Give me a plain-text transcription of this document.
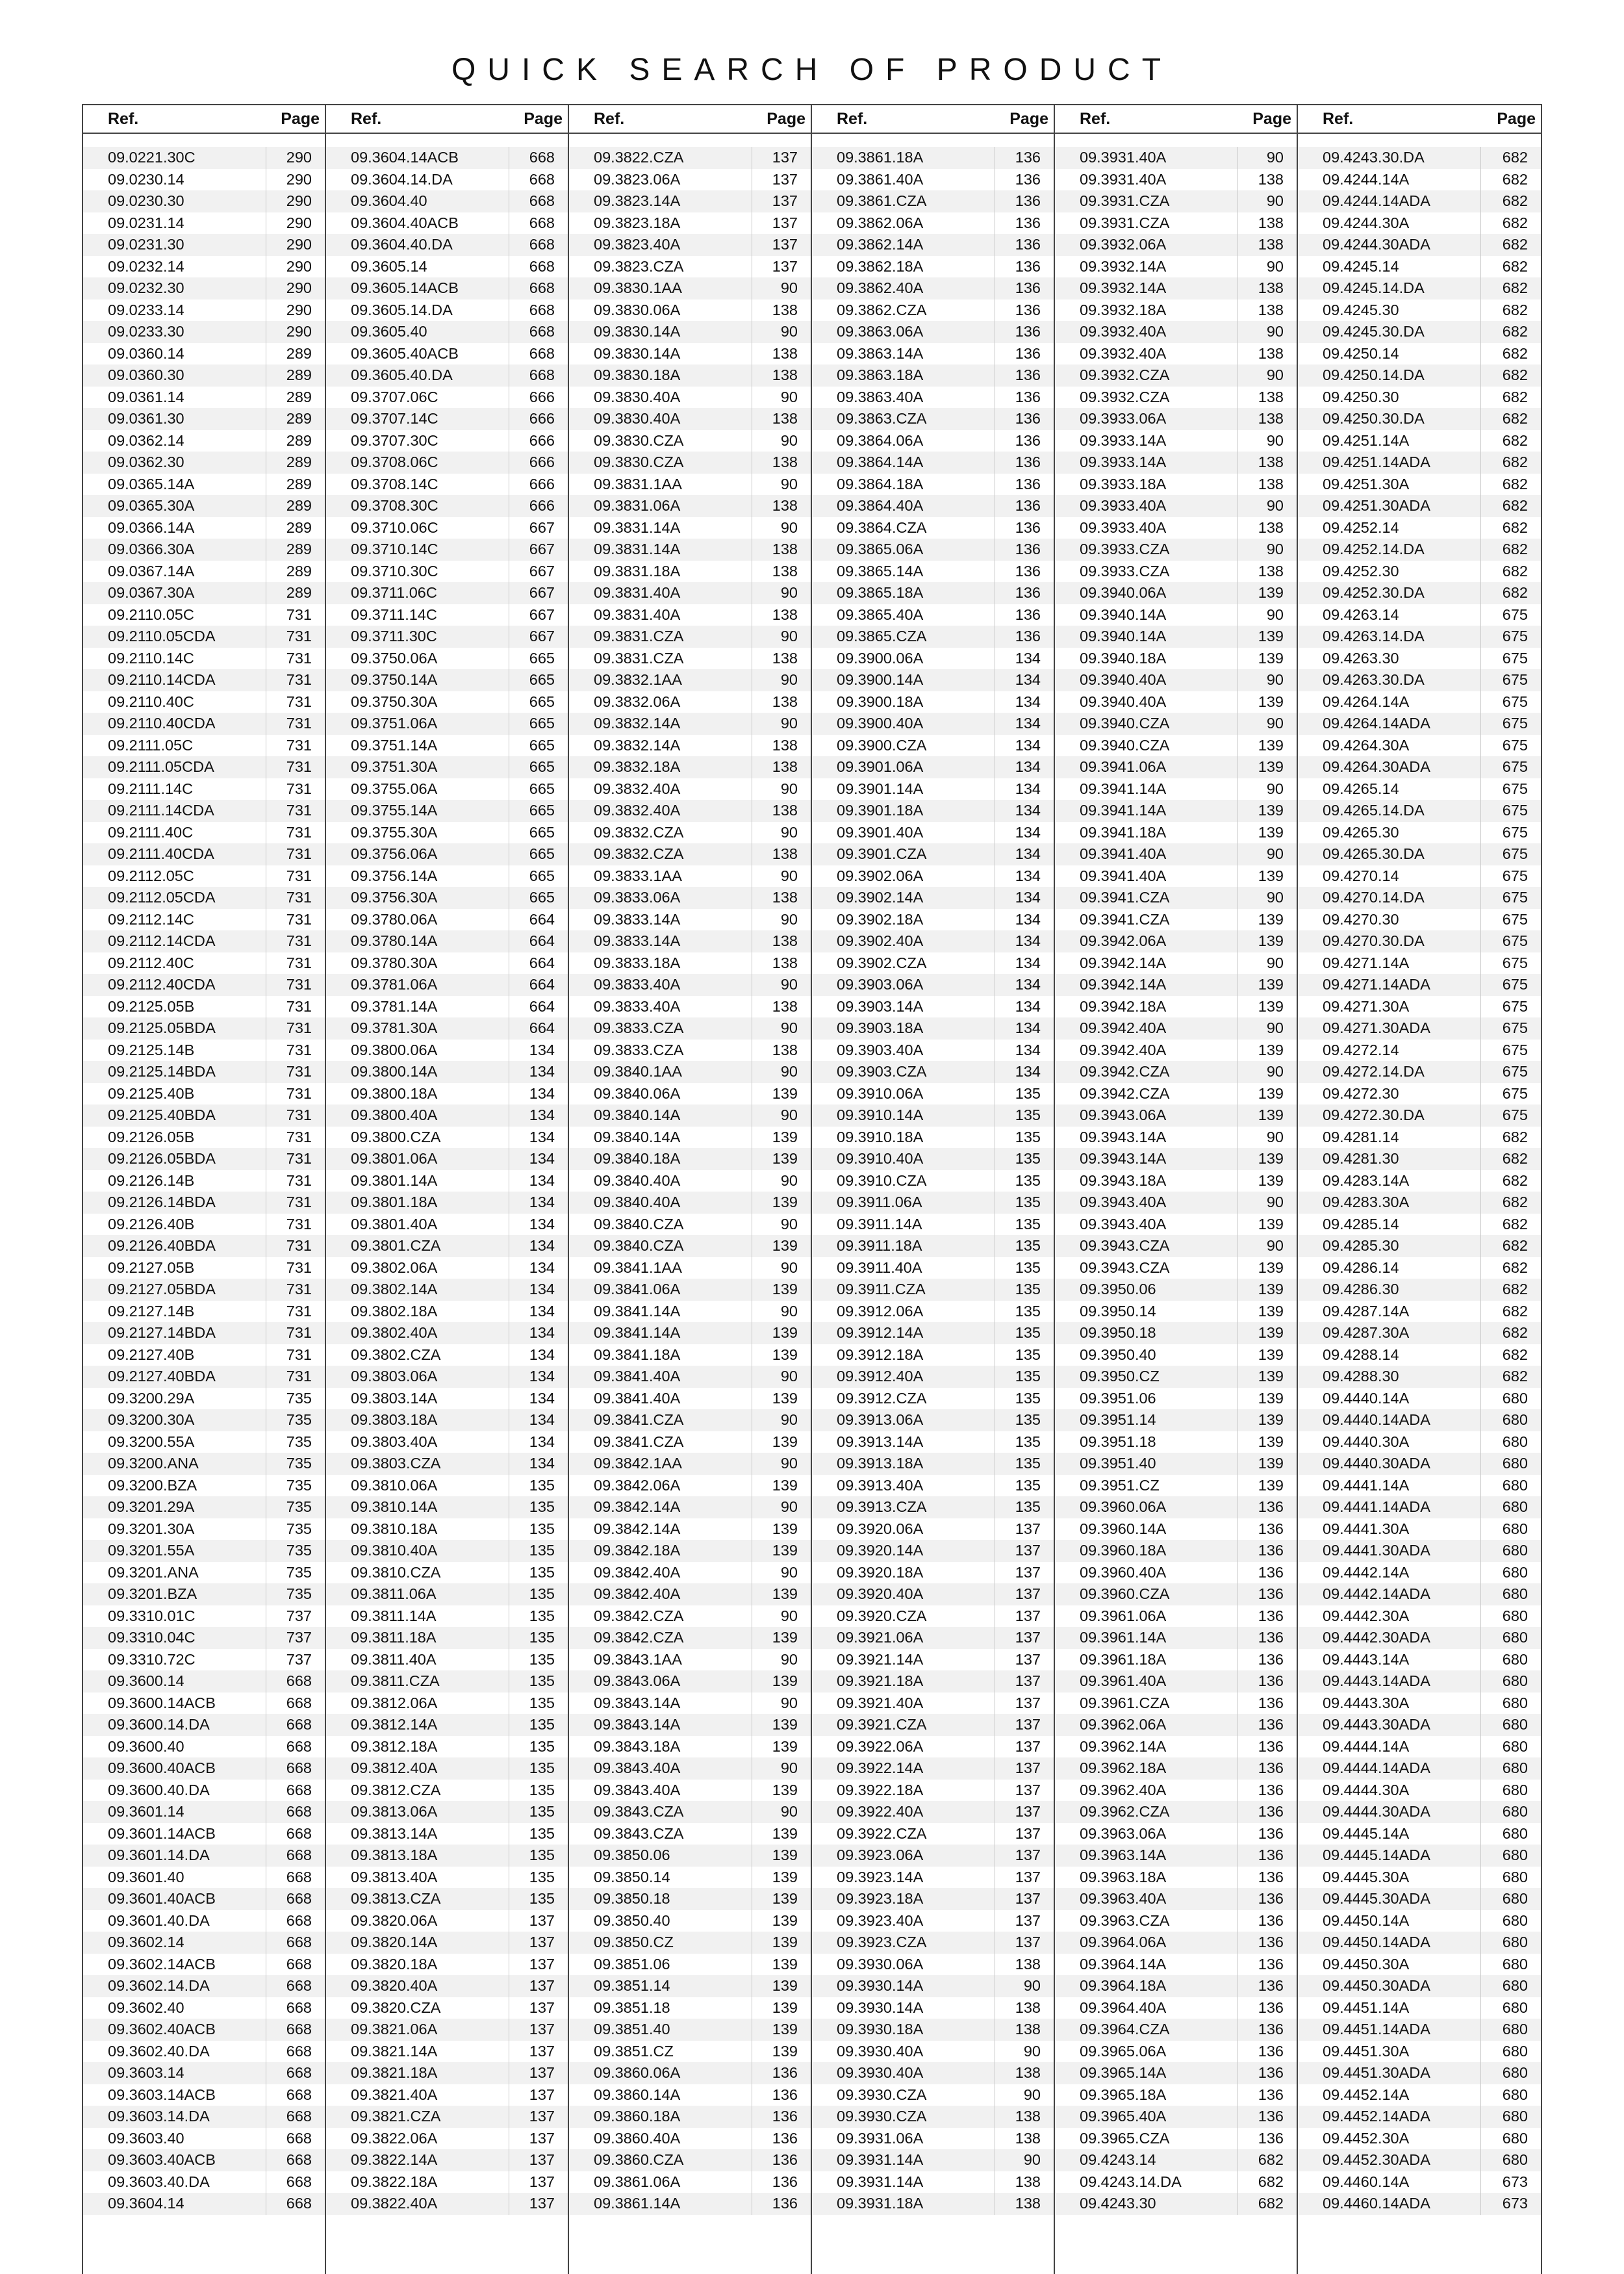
QUICK SEARCH OF PRODUCT
Ref.	Page
09.0221.30C	290
09.0230.14	290
09.0230.30	290
09.0231.14	290
09.0231.30	290
09.0232.14	290
09.0232.30	290
09.0233.14	290
09.0233.30	290
09.0360.14	289
09.0360.30	289
09.0361.14	289
09.0361.30	289
09.0362.14	289
09.0362.30	289
09.0365.14A	289
09.0365.30A	289
09.0366.14A	289
09.0366.30A	289
09.0367.14A	289
09.0367.30A	289
09.2110.05C	731
09.2110.05CDA	731
09.2110.14C	731
09.2110.14CDA	731
09.2110.40C	731
09.2110.40CDA	731
09.2111.05C	731
09.2111.05CDA	731
09.2111.14C	731
09.2111.14CDA	731
09.2111.40C	731
09.2111.40CDA	731
09.2112.05C	731
09.2112.05CDA	731
09.2112.14C	731
09.2112.14CDA	731
09.2112.40C	731
09.2112.40CDA	731
09.2125.05B	731
09.2125.05BDA	731
09.2125.14B	731
09.2125.14BDA	731
09.2125.40B	731
09.2125.40BDA	731
09.2126.05B	731
09.2126.05BDA	731
09.2126.14B	731
09.2126.14BDA	731
09.2126.40B	731
09.2126.40BDA	731
09.2127.05B	731
09.2127.05BDA	731
09.2127.14B	731
09.2127.14BDA	731
09.2127.40B	731
09.2127.40BDA	731
09.3200.29A	735
09.3200.30A	735
09.3200.55A	735
09.3200.ANA	735
09.3200.BZA	735
09.3201.29A	735
09.3201.30A	735
09.3201.55A	735
09.3201.ANA	735
09.3201.BZA	735
09.3310.01C	737
09.3310.04C	737
09.3310.72C	737
09.3600.14	668
09.3600.14ACB	668
09.3600.14.DA	668
09.3600.40	668
09.3600.40ACB	668
09.3600.40.DA	668
09.3601.14	668
09.3601.14ACB	668
09.3601.14.DA	668
09.3601.40	668
09.3601.40ACB	668
09.3601.40.DA	668
09.3602.14	668
09.3602.14ACB	668
09.3602.14.DA	668
09.3602.40	668
09.3602.40ACB	668
09.3602.40.DA	668
09.3603.14	668
09.3603.14ACB	668
09.3603.14.DA	668
09.3603.40	668
09.3603.40ACB	668
09.3603.40.DA	668
09.3604.14	668
Ref.	Page
09.3604.14ACB	668
09.3604.14.DA	668
09.3604.40	668
09.3604.40ACB	668
09.3604.40.DA	668
09.3605.14	668
09.3605.14ACB	668
09.3605.14.DA	668
09.3605.40	668
09.3605.40ACB	668
09.3605.40.DA	668
09.3707.06C	666
09.3707.14C	666
09.3707.30C	666
09.3708.06C	666
09.3708.14C	666
09.3708.30C	666
09.3710.06C	667
09.3710.14C	667
09.3710.30C	667
09.3711.06C	667
09.3711.14C	667
09.3711.30C	667
09.3750.06A	665
09.3750.14A	665
09.3750.30A	665
09.3751.06A	665
09.3751.14A	665
09.3751.30A	665
09.3755.06A	665
09.3755.14A	665
09.3755.30A	665
09.3756.06A	665
09.3756.14A	665
09.3756.30A	665
09.3780.06A	664
09.3780.14A	664
09.3780.30A	664
09.3781.06A	664
09.3781.14A	664
09.3781.30A	664
09.3800.06A	134
09.3800.14A	134
09.3800.18A	134
09.3800.40A	134
09.3800.CZA	134
09.3801.06A	134
09.3801.14A	134
09.3801.18A	134
09.3801.40A	134
09.3801.CZA	134
09.3802.06A	134
09.3802.14A	134
09.3802.18A	134
09.3802.40A	134
09.3802.CZA	134
09.3803.06A	134
09.3803.14A	134
09.3803.18A	134
09.3803.40A	134
09.3803.CZA	134
09.3810.06A	135
09.3810.14A	135
09.3810.18A	135
09.3810.40A	135
09.3810.CZA	135
09.3811.06A	135
09.3811.14A	135
09.3811.18A	135
09.3811.40A	135
09.3811.CZA	135
09.3812.06A	135
09.3812.14A	135
09.3812.18A	135
09.3812.40A	135
09.3812.CZA	135
09.3813.06A	135
09.3813.14A	135
09.3813.18A	135
09.3813.40A	135
09.3813.CZA	135
09.3820.06A	137
09.3820.14A	137
09.3820.18A	137
09.3820.40A	137
09.3820.CZA	137
09.3821.06A	137
09.3821.14A	137
09.3821.18A	137
09.3821.40A	137
09.3821.CZA	137
09.3822.06A	137
09.3822.14A	137
09.3822.18A	137
09.3822.40A	137
Ref.	Page
09.3822.CZA	137
09.3823.06A	137
09.3823.14A	137
09.3823.18A	137
09.3823.40A	137
09.3823.CZA	137
09.3830.1AA	90
09.3830.06A	138
09.3830.14A	90
09.3830.14A	138
09.3830.18A	138
09.3830.40A	90
09.3830.40A	138
09.3830.CZA	90
09.3830.CZA	138
09.3831.1AA	90
09.3831.06A	138
09.3831.14A	90
09.3831.14A	138
09.3831.18A	138
09.3831.40A	90
09.3831.40A	138
09.3831.CZA	90
09.3831.CZA	138
09.3832.1AA	90
09.3832.06A	138
09.3832.14A	90
09.3832.14A	138
09.3832.18A	138
09.3832.40A	90
09.3832.40A	138
09.3832.CZA	90
09.3832.CZA	138
09.3833.1AA	90
09.3833.06A	138
09.3833.14A	90
09.3833.14A	138
09.3833.18A	138
09.3833.40A	90
09.3833.40A	138
09.3833.CZA	90
09.3833.CZA	138
09.3840.1AA	90
09.3840.06A	139
09.3840.14A	90
09.3840.14A	139
09.3840.18A	139
09.3840.40A	90
09.3840.40A	139
09.3840.CZA	90
09.3840.CZA	139
09.3841.1AA	90
09.3841.06A	139
09.3841.14A	90
09.3841.14A	139
09.3841.18A	139
09.3841.40A	90
09.3841.40A	139
09.3841.CZA	90
09.3841.CZA	139
09.3842.1AA	90
09.3842.06A	139
09.3842.14A	90
09.3842.14A	139
09.3842.18A	139
09.3842.40A	90
09.3842.40A	139
09.3842.CZA	90
09.3842.CZA	139
09.3843.1AA	90
09.3843.06A	139
09.3843.14A	90
09.3843.14A	139
09.3843.18A	139
09.3843.40A	90
09.3843.40A	139
09.3843.CZA	90
09.3843.CZA	139
09.3850.06	139
09.3850.14	139
09.3850.18	139
09.3850.40	139
09.3850.CZ	139
09.3851.06	139
09.3851.14	139
09.3851.18	139
09.3851.40	139
09.3851.CZ	139
09.3860.06A	136
09.3860.14A	136
09.3860.18A	136
09.3860.40A	136
09.3860.CZA	136
09.3861.06A	136
09.3861.14A	136
Ref.	Page
09.3861.18A	136
09.3861.40A	136
09.3861.CZA	136
09.3862.06A	136
09.3862.14A	136
09.3862.18A	136
09.3862.40A	136
09.3862.CZA	136
09.3863.06A	136
09.3863.14A	136
09.3863.18A	136
09.3863.40A	136
09.3863.CZA	136
09.3864.06A	136
09.3864.14A	136
09.3864.18A	136
09.3864.40A	136
09.3864.CZA	136
09.3865.06A	136
09.3865.14A	136
09.3865.18A	136
09.3865.40A	136
09.3865.CZA	136
09.3900.06A	134
09.3900.14A	134
09.3900.18A	134
09.3900.40A	134
09.3900.CZA	134
09.3901.06A	134
09.3901.14A	134
09.3901.18A	134
09.3901.40A	134
09.3901.CZA	134
09.3902.06A	134
09.3902.14A	134
09.3902.18A	134
09.3902.40A	134
09.3902.CZA	134
09.3903.06A	134
09.3903.14A	134
09.3903.18A	134
09.3903.40A	134
09.3903.CZA	134
09.3910.06A	135
09.3910.14A	135
09.3910.18A	135
09.3910.40A	135
09.3910.CZA	135
09.3911.06A	135
09.3911.14A	135
09.3911.18A	135
09.3911.40A	135
09.3911.CZA	135
09.3912.06A	135
09.3912.14A	135
09.3912.18A	135
09.3912.40A	135
09.3912.CZA	135
09.3913.06A	135
09.3913.14A	135
09.3913.18A	135
09.3913.40A	135
09.3913.CZA	135
09.3920.06A	137
09.3920.14A	137
09.3920.18A	137
09.3920.40A	137
09.3920.CZA	137
09.3921.06A	137
09.3921.14A	137
09.3921.18A	137
09.3921.40A	137
09.3921.CZA	137
09.3922.06A	137
09.3922.14A	137
09.3922.18A	137
09.3922.40A	137
09.3922.CZA	137
09.3923.06A	137
09.3923.14A	137
09.3923.18A	137
09.3923.40A	137
09.3923.CZA	137
09.3930.06A	138
09.3930.14A	90
09.3930.14A	138
09.3930.18A	138
09.3930.40A	90
09.3930.40A	138
09.3930.CZA	90
09.3930.CZA	138
09.3931.06A	138
09.3931.14A	90
09.3931.14A	138
09.3931.18A	138
Ref.	Page
09.3931.40A	90
09.3931.40A	138
09.3931.CZA	90
09.3931.CZA	138
09.3932.06A	138
09.3932.14A	90
09.3932.14A	138
09.3932.18A	138
09.3932.40A	90
09.3932.40A	138
09.3932.CZA	90
09.3932.CZA	138
09.3933.06A	138
09.3933.14A	90
09.3933.14A	138
09.3933.18A	138
09.3933.40A	90
09.3933.40A	138
09.3933.CZA	90
09.3933.CZA	138
09.3940.06A	139
09.3940.14A	90
09.3940.14A	139
09.3940.18A	139
09.3940.40A	90
09.3940.40A	139
09.3940.CZA	90
09.3940.CZA	139
09.3941.06A	139
09.3941.14A	90
09.3941.14A	139
09.3941.18A	139
09.3941.40A	90
09.3941.40A	139
09.3941.CZA	90
09.3941.CZA	139
09.3942.06A	139
09.3942.14A	90
09.3942.14A	139
09.3942.18A	139
09.3942.40A	90
09.3942.40A	139
09.3942.CZA	90
09.3942.CZA	139
09.3943.06A	139
09.3943.14A	90
09.3943.14A	139
09.3943.18A	139
09.3943.40A	90
09.3943.40A	139
09.3943.CZA	90
09.3943.CZA	139
09.3950.06	139
09.3950.14	139
09.3950.18	139
09.3950.40	139
09.3950.CZ	139
09.3951.06	139
09.3951.14	139
09.3951.18	139
09.3951.40	139
09.3951.CZ	139
09.3960.06A	136
09.3960.14A	136
09.3960.18A	136
09.3960.40A	136
09.3960.CZA	136
09.3961.06A	136
09.3961.14A	136
09.3961.18A	136
09.3961.40A	136
09.3961.CZA	136
09.3962.06A	136
09.3962.14A	136
09.3962.18A	136
09.3962.40A	136
09.3962.CZA	136
09.3963.06A	136
09.3963.14A	136
09.3963.18A	136
09.3963.40A	136
09.3963.CZA	136
09.3964.06A	136
09.3964.14A	136
09.3964.18A	136
09.3964.40A	136
09.3964.CZA	136
09.3965.06A	136
09.3965.14A	136
09.3965.18A	136
09.3965.40A	136
09.3965.CZA	136
09.4243.14	682
09.4243.14.DA	682
09.4243.30	682
Ref.	Page
09.4243.30.DA	682
09.4244.14A	682
09.4244.14ADA	682
09.4244.30A	682
09.4244.30ADA	682
09.4245.14	682
09.4245.14.DA	682
09.4245.30	682
09.4245.30.DA	682
09.4250.14	682
09.4250.14.DA	682
09.4250.30	682
09.4250.30.DA	682
09.4251.14A	682
09.4251.14ADA	682
09.4251.30A	682
09.4251.30ADA	682
09.4252.14	682
09.4252.14.DA	682
09.4252.30	682
09.4252.30.DA	682
09.4263.14	675
09.4263.14.DA	675
09.4263.30	675
09.4263.30.DA	675
09.4264.14A	675
09.4264.14ADA	675
09.4264.30A	675
09.4264.30ADA	675
09.4265.14	675
09.4265.14.DA	675
09.4265.30	675
09.4265.30.DA	675
09.4270.14	675
09.4270.14.DA	675
09.4270.30	675
09.4270.30.DA	675
09.4271.14A	675
09.4271.14ADA	675
09.4271.30A	675
09.4271.30ADA	675
09.4272.14	675
09.4272.14.DA	675
09.4272.30	675
09.4272.30.DA	675
09.4281.14	682
09.4281.30	682
09.4283.14A	682
09.4283.30A	682
09.4285.14	682
09.4285.30	682
09.4286.14	682
09.4286.30	682
09.4287.14A	682
09.4287.30A	682
09.4288.14	682
09.4288.30	682
09.4440.14A	680
09.4440.14ADA	680
09.4440.30A	680
09.4440.30ADA	680
09.4441.14A	680
09.4441.14ADA	680
09.4441.30A	680
09.4441.30ADA	680
09.4442.14A	680
09.4442.14ADA	680
09.4442.30A	680
09.4442.30ADA	680
09.4443.14A	680
09.4443.14ADA	680
09.4443.30A	680
09.4443.30ADA	680
09.4444.14A	680
09.4444.14ADA	680
09.4444.30A	680
09.4444.30ADA	680
09.4445.14A	680
09.4445.14ADA	680
09.4445.30A	680
09.4445.30ADA	680
09.4450.14A	680
09.4450.14ADA	680
09.4450.30A	680
09.4450.30ADA	680
09.4451.14A	680
09.4451.14ADA	680
09.4451.30A	680
09.4451.30ADA	680
09.4452.14A	680
09.4452.14ADA	680
09.4452.30A	680
09.4452.30ADA	680
09.4460.14A	673
09.4460.14ADA	673
